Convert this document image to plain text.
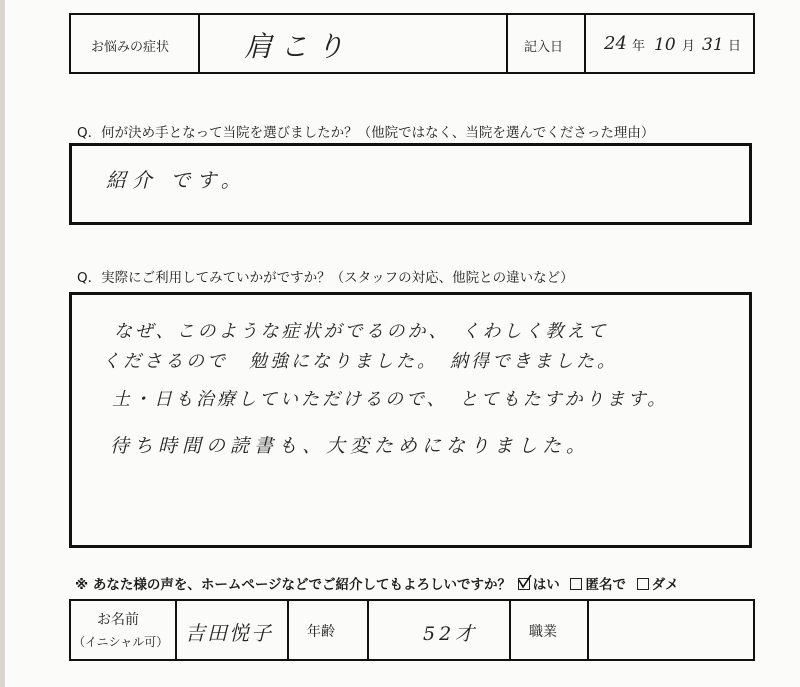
お悩みの症状	肩こり	記入日 24 年 10 月 31 日
Q．何が決め手となって当院を選びましたか？（他院ではなく、当院を選んでくださった理由）
紹介 です。
Q．実際にご利用してみていかがですか？（スタッフの対応、他院との違いなど）
なぜ、このような症状がでるのか、　くわしく教えて
くださるので　勉強になりました。　納得できました。
土・日も治療していただけるので、　とてもたすかります。
待ち時間の読書も、大変ためになりました。
※ あなた様の声を、ホームページなどでご紹介してもよろしいですか？ はい 匿名で ダメ
お名前
（イニシャル可） 吉田悦子 年齢	52才	職業
